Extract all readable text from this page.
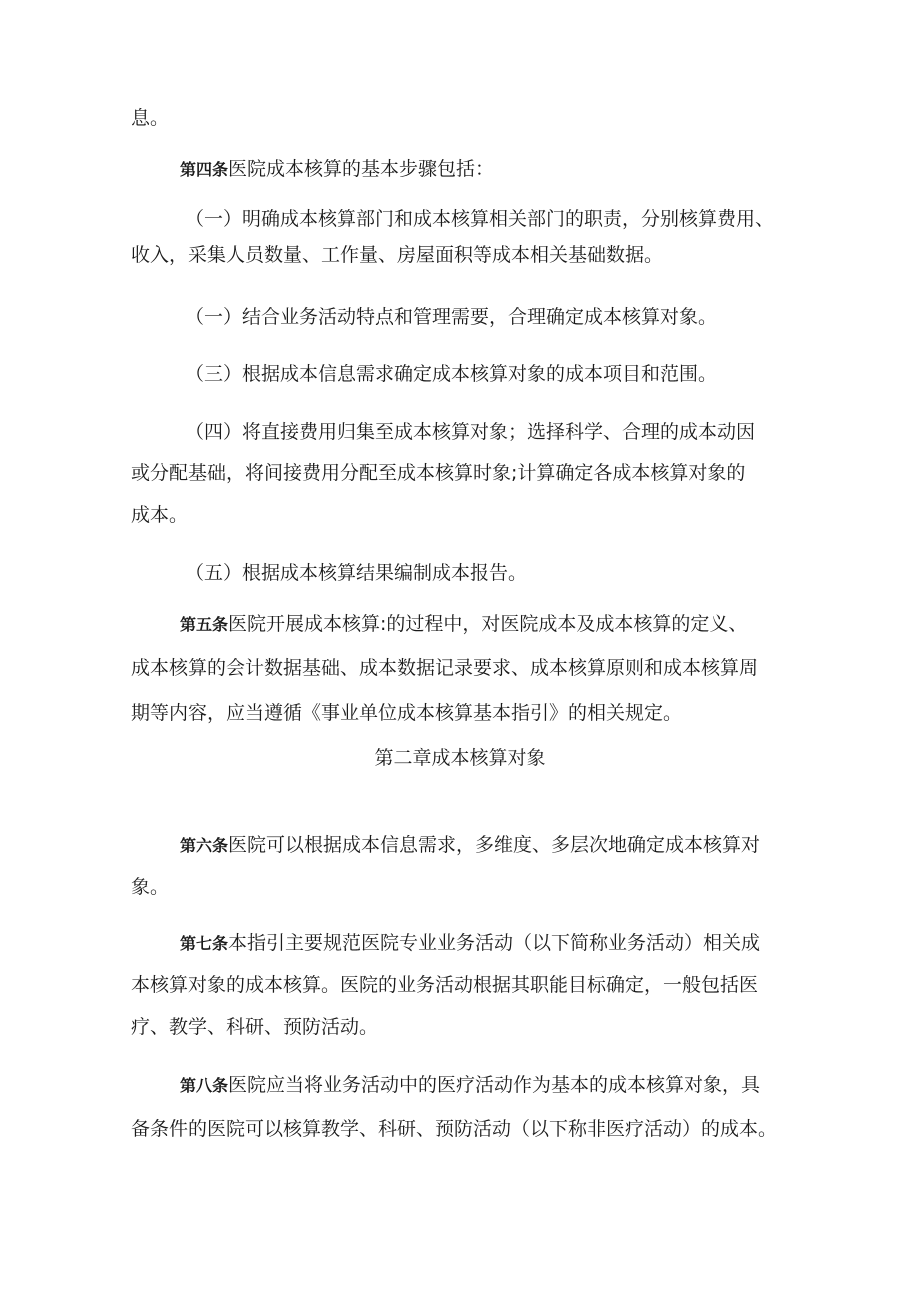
息。
第四条医院成本核算的基本步骤包括：
（一）明确成本核算部门和成本核算相关部门的职责，分别核算费用、
收入，采集人员数量、工作量、房屋面积等成本相关基础数据。
（一）结合业务活动特点和管理需要，合理确定成本核算对象。
（三）根据成本信息需求确定成本核算对象的成本项目和范围。
（四）将直接费用归集至成本核算对象；选择科学、合理的成本动因
或分配基础，将间接费用分配至成本核算时象;计算确定各成本核算对象的
成本。
（五）根据成本核算结果编制成本报告。
第五条医院开展成本核算:的过程中，对医院成本及成本核算的定义、
成本核算的会计数据基础、成本数据记录要求、成本核算原则和成本核算周
期等内容，应当遵循《事业单位成本核算基本指引》的相关规定。
第二章成本核算对象
第六条医院可以根据成本信息需求，多维度、多层次地确定成本核算对
象。
第七条本指引主要规范医院专业业务活动（以下简称业务活动）相关成
本核算对象的成本核算。医院的业务活动根据其职能目标确定，一般包括医
疗、教学、科研、预防活动。
第八条医院应当将业务活动中的医疗活动作为基本的成本核算对象，具
备条件的医院可以核算教学、科研、预防活动（以下称非医疗活动）的成本。
